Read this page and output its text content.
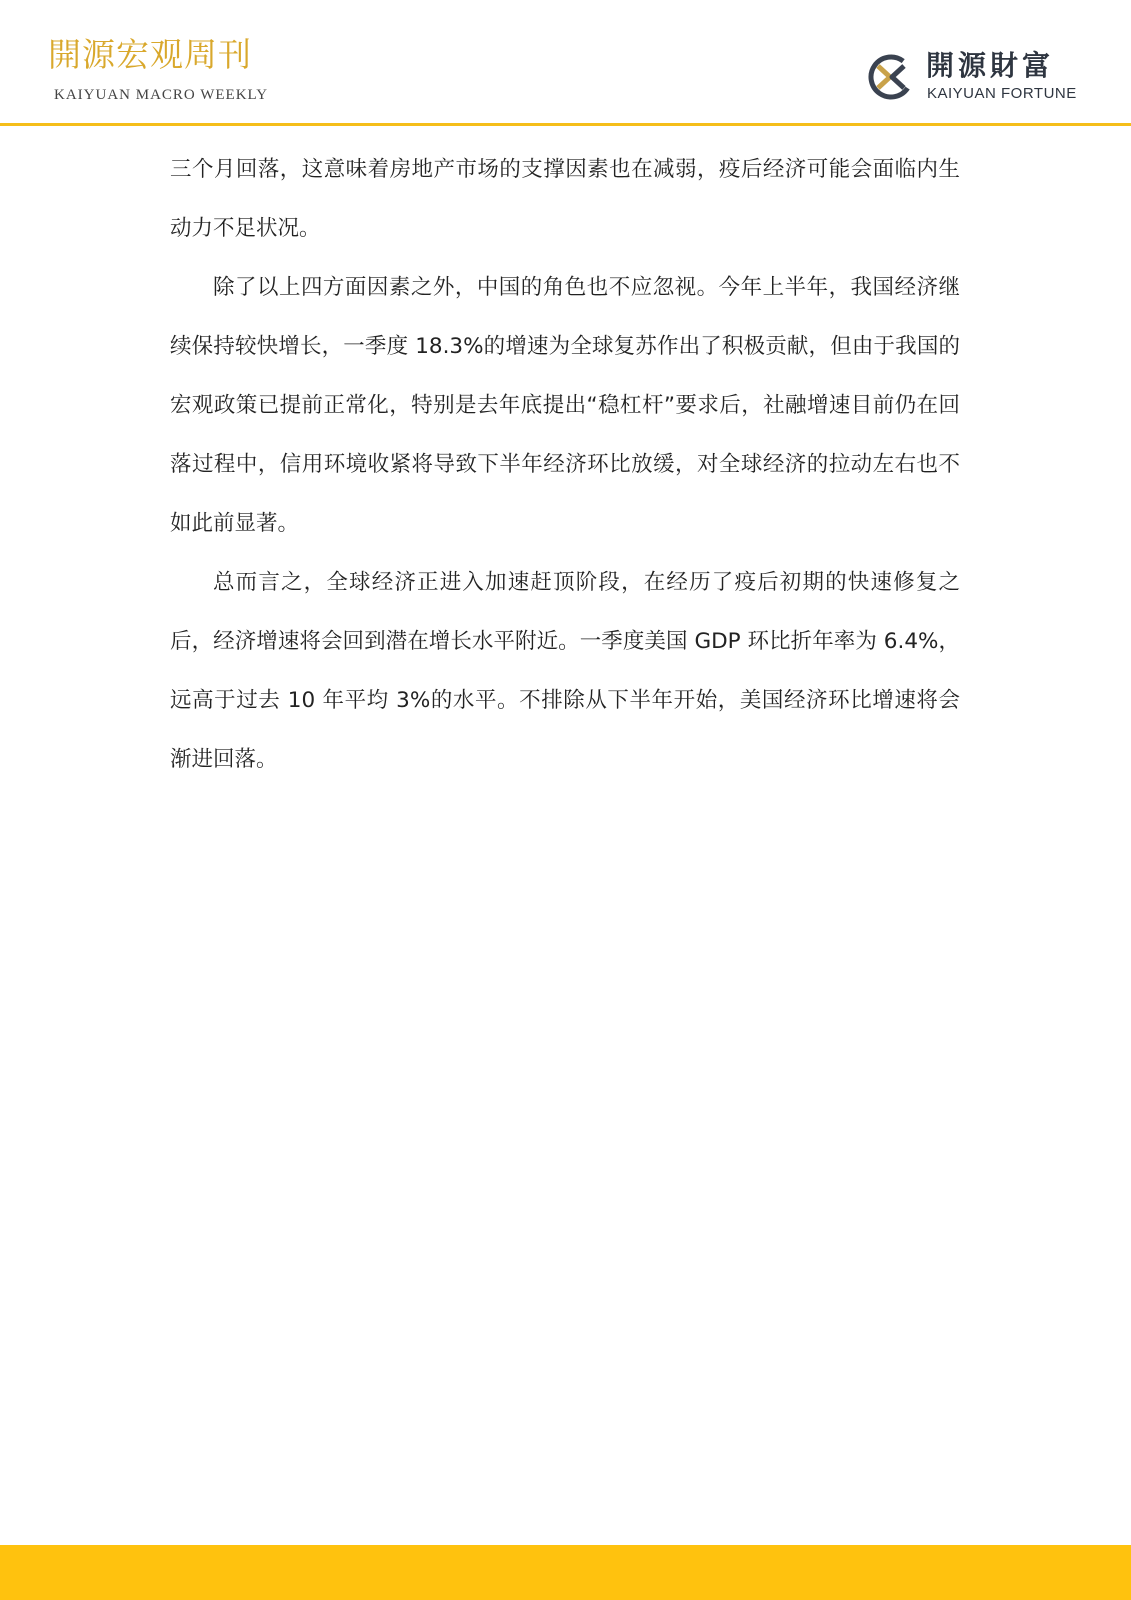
開源宏观周刊
KAIYUAN MACRO WEEKLY
開源財富
KAIYUAN FORTUNE

三个月回落，这意味着房地产市场的支撑因素也在减弱，疫后经济可能会面临内生动力不足状况。

除了以上四方面因素之外，中国的角色也不应忽视。今年上半年，我国经济继续保持较快增长，一季度 18.3%的增速为全球复苏作出了积极贡献，但由于我国的宏观政策已提前正常化，特别是去年底提出“稳杠杆”要求后，社融增速目前仍在回落过程中，信用环境收紧将导致下半年经济环比放缓，对全球经济的拉动左右也不如此前显著。

总而言之，全球经济正进入加速赶顶阶段，在经历了疫后初期的快速修复之后，经济增速将会回到潜在增长水平附近。一季度美国 GDP 环比折年率为 6.4%，远高于过去 10 年平均 3%的水平。不排除从下半年开始，美国经济环比增速将会渐进回落。
